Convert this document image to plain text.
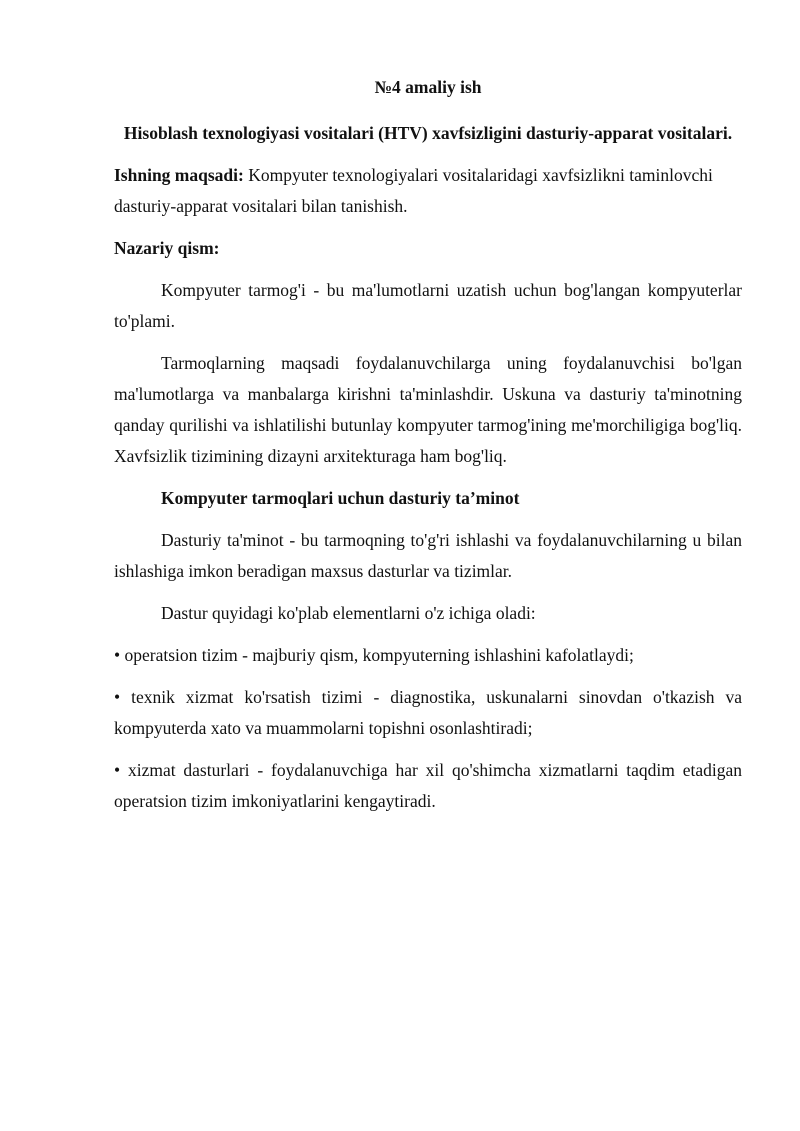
№4 amaliy ish
Hisoblash texnologiyasi vositalari (HTV) xavfsizligini dasturiy-apparat vositalari.

Ishning maqsadi: Kompyuter texnologiyalari vositalaridagi xavfsizlikni taminlovchi dasturiy-apparat vositalari bilan tanishish.

Nazariy qism:

Kompyuter tarmog'i - bu ma'lumotlarni uzatish uchun bog'langan kompyuterlar to'plami.

Tarmoqlarning maqsadi foydalanuvchilarga uning foydalanuvchisi bo'lgan ma'lumotlarga va manbalarga kirishni ta'minlashdir. Uskuna va dasturiy ta'minotning qanday qurilishi va ishlatilishi butunlay kompyuter tarmog'ining me'morchiligiga bog'liq. Xavfsizlik tizimining dizayni arxitekturaga ham bog'liq.

Kompyuter tarmoqlari uchun dasturiy taʼminot

Dasturiy ta'minot - bu tarmoqning to'g'ri ishlashi va foydalanuvchilarning u bilan ishlashiga imkon beradigan maxsus dasturlar va tizimlar.

Dastur quyidagi ko'plab elementlarni o'z ichiga oladi:

• operatsion tizim - majburiy qism, kompyuterning ishlashini kafolatlaydi;

• texnik xizmat ko'rsatish tizimi - diagnostika, uskunalarni sinovdan o'tkazish va kompyuterda xato va muammolarni topishni osonlashtiradi;

• xizmat dasturlari - foydalanuvchiga har xil qo'shimcha xizmatlarni taqdim etadigan operatsion tizim imkoniyatlarini kengaytiradi.
